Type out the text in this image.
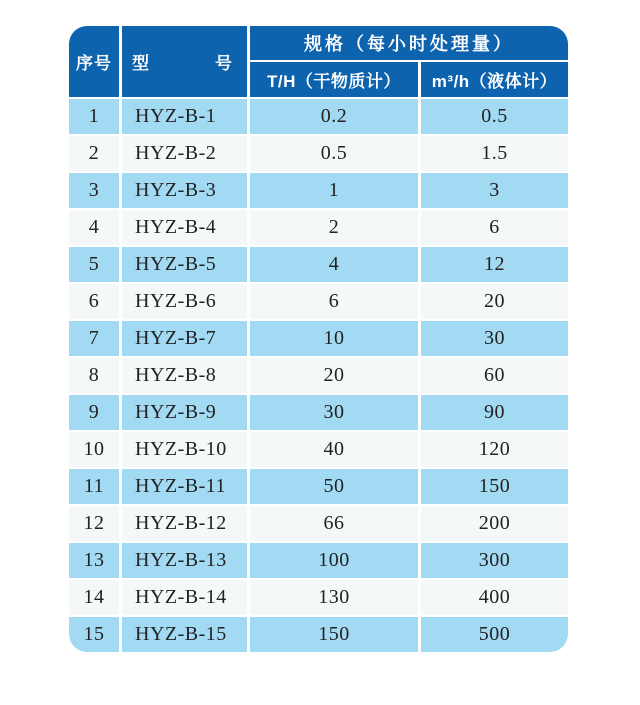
序号	型号	规格（每小时处理量）	
		T/H（干物质计）	m³/h（液体计）
1	HYZ-B-1	0.2	0.5
2	HYZ-B-2	0.5	1.5
3	HYZ-B-3	1	3
4	HYZ-B-4	2	6
5	HYZ-B-5	4	12
6	HYZ-B-6	6	20
7	HYZ-B-7	10	30
8	HYZ-B-8	20	60
9	HYZ-B-9	30	90
10	HYZ-B-10	40	120
11	HYZ-B-11	50	150
12	HYZ-B-12	66	200
13	HYZ-B-13	100	300
14	HYZ-B-14	130	400
15	HYZ-B-15	150	500
